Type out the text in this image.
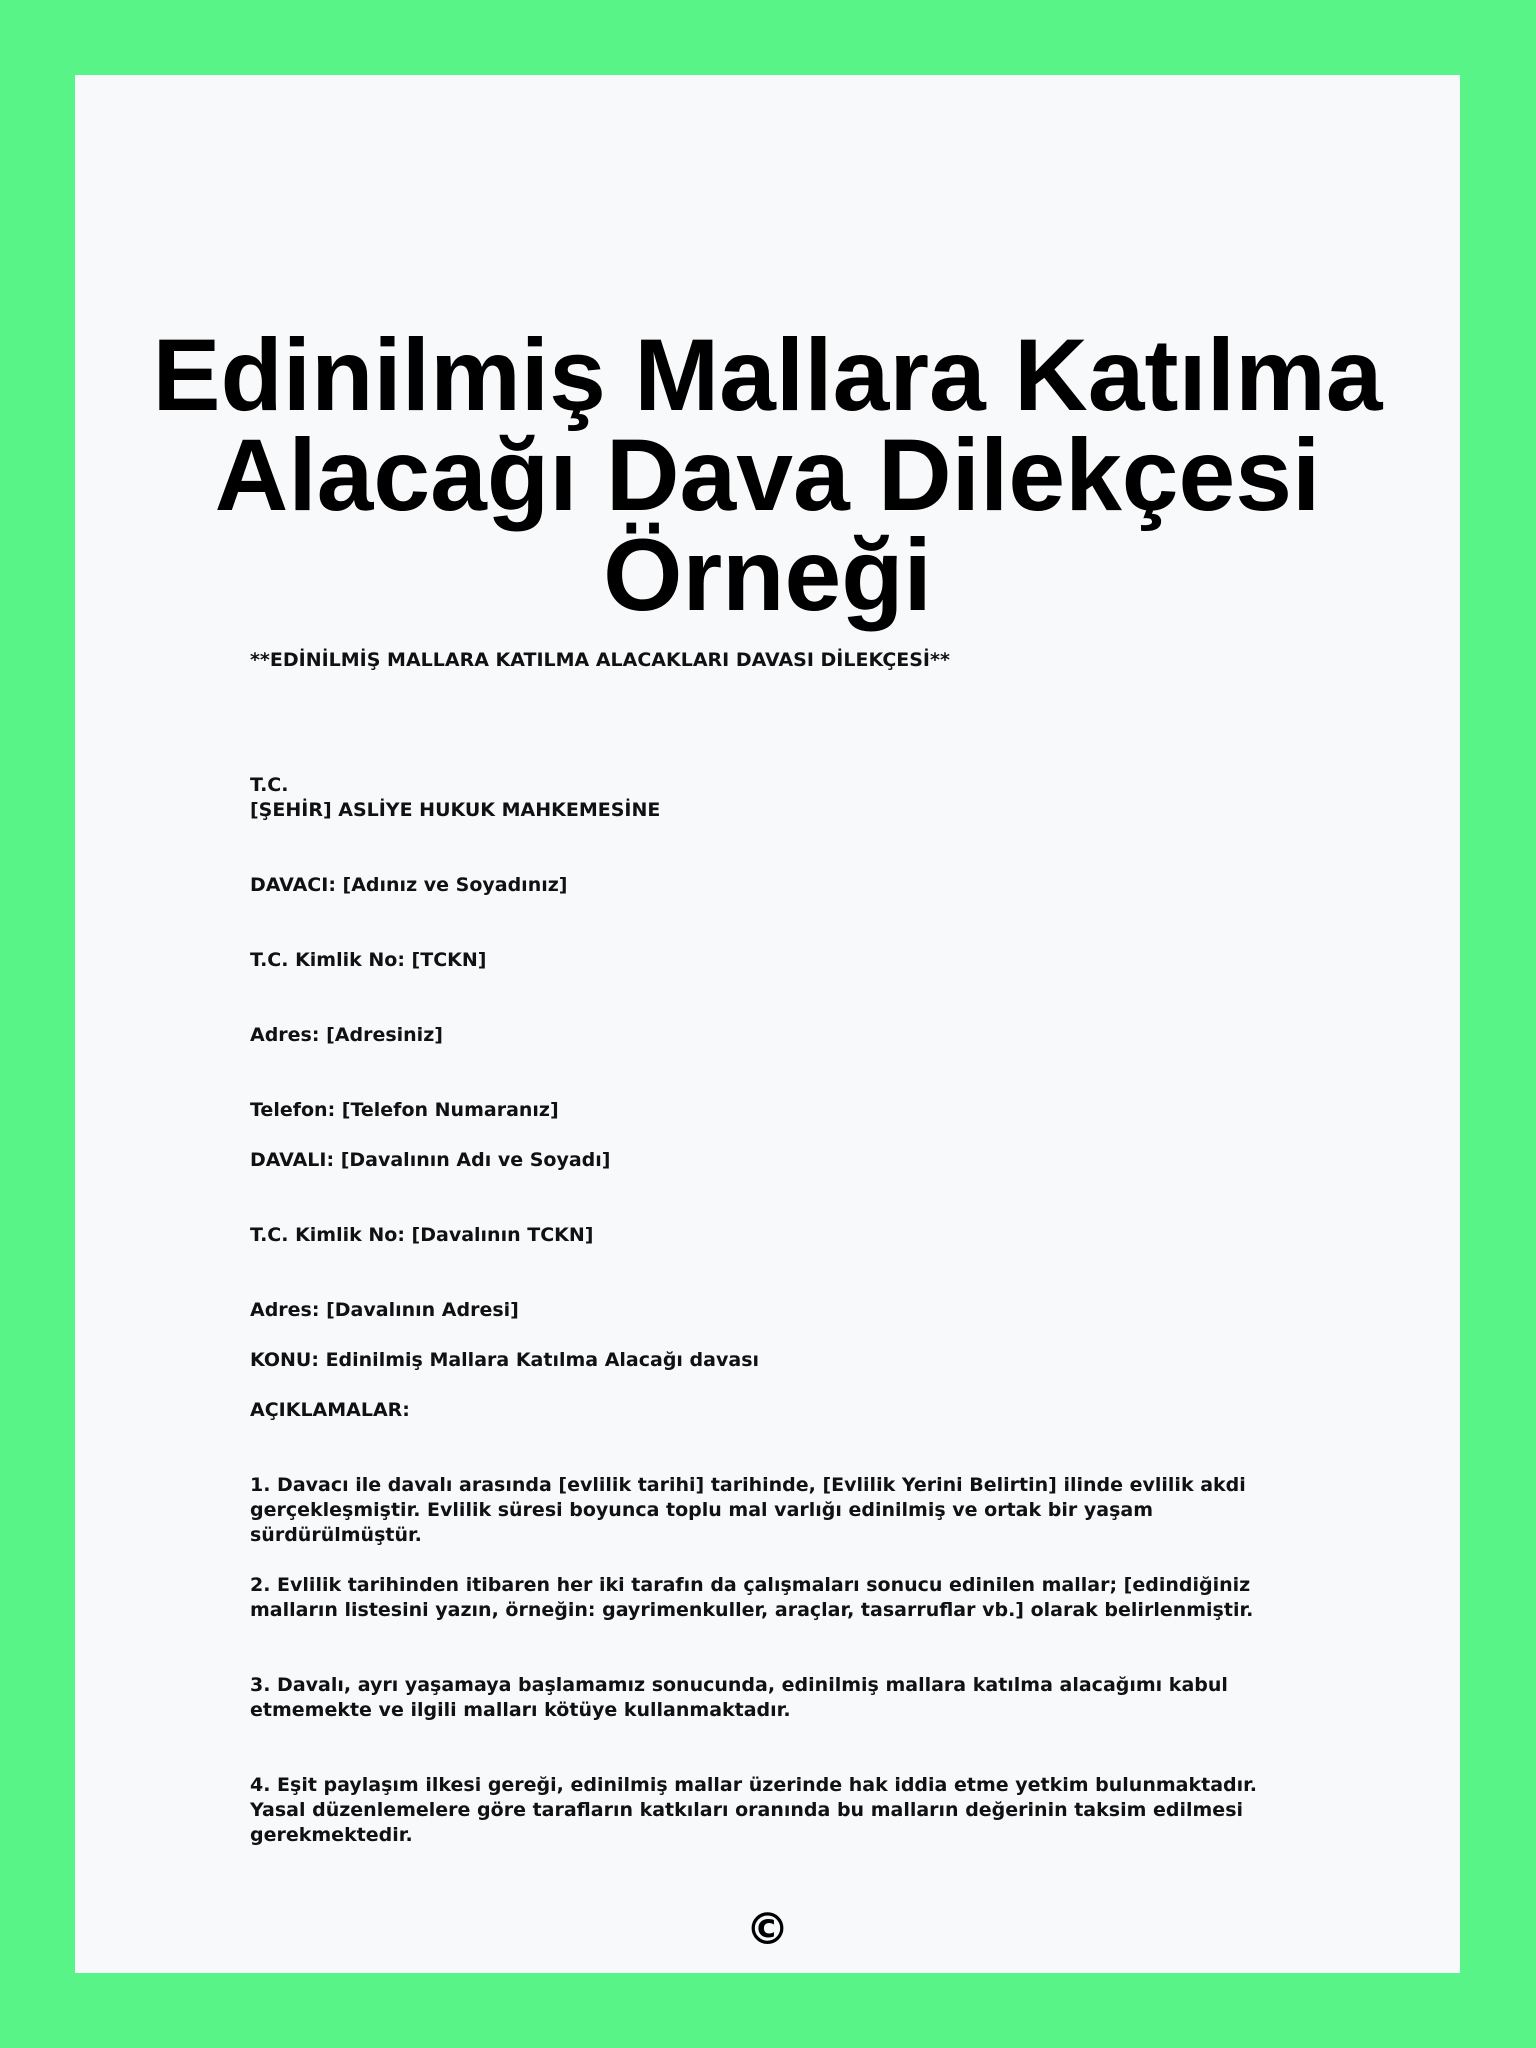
Edinilmiş Mallara Katılma Alacağı Dava Dilekçesi Örneği

**EDİNİLMİŞ MALLARA KATILMA ALACAKLARI DAVASI DİLEKÇESİ**

T.C.

[ŞEHİR] ASLİYE HUKUK MAHKEMESİNE

DAVACI: [Adınız ve Soyadınız]

T.C. Kimlik No: [TCKN]

Adres: [Adresiniz]

Telefon: [Telefon Numaranız]

DAVALI: [Davalının Adı ve Soyadı]

T.C. Kimlik No: [Davalının TCKN]

Adres: [Davalının Adresi]

KONU: Edinilmiş Mallara Katılma Alacağı davası

AÇIKLAMALAR:

1. Davacı ile davalı arasında [evlilik tarihi] tarihinde, [Evlilik Yerini Belirtin] ilinde evlilik akdi gerçekleşmiştir. Evlilik süresi boyunca toplu mal varlığı edinilmiş ve ortak bir yaşam sürdürülmüştür.

2. Evlilik tarihinden itibaren her iki tarafın da çalışmaları sonucu edinilen mallar; [edindiğiniz malların listesini yazın, örneğin: gayrimenkuller, araçlar, tasarruflar vb.] olarak belirlenmiştir.

3. Davalı, ayrı yaşamaya başlamamız sonucunda, edinilmiş mallara katılma alacağımı kabul etmemekte ve ilgili malları kötüye kullanmaktadır.

4. Eşit paylaşım ilkesi gereği, edinilmiş mallar üzerinde hak iddia etme yetkim bulunmaktadır. Yasal düzenlemelere göre tarafların katkıları oranında bu malların değerinin taksim edilmesi gerekmektedir.

©
